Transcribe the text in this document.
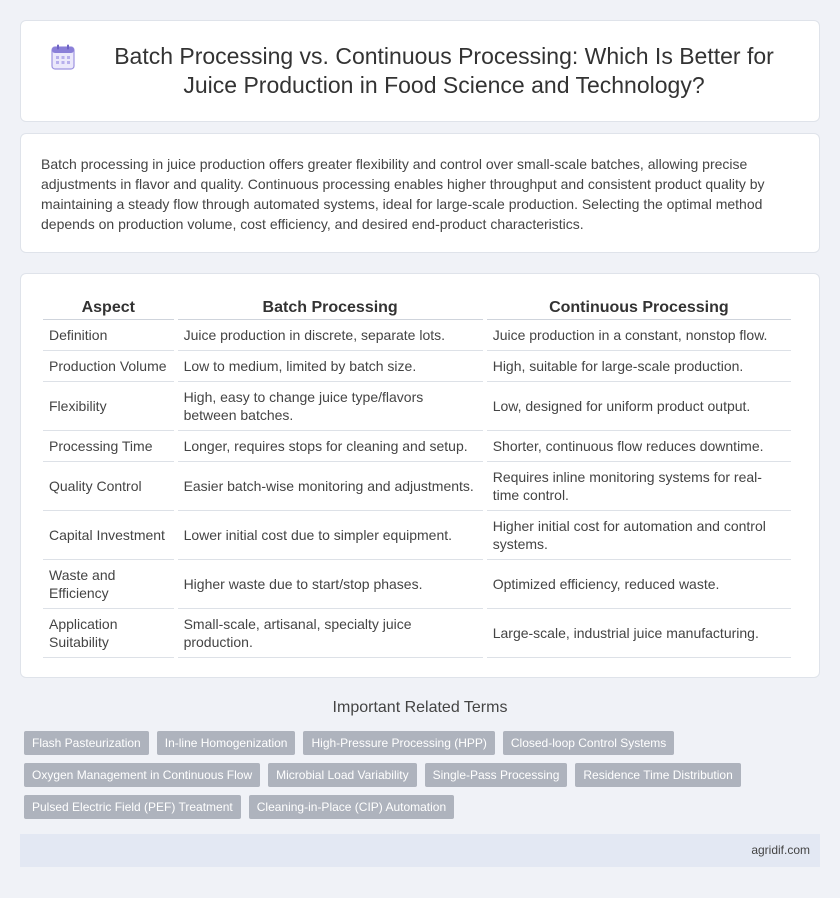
Batch Processing vs. Continuous Processing: Which Is Better for Juice Production in Food Science and Technology?

Batch processing in juice production offers greater flexibility and control over small-scale batches, allowing precise adjustments in flavor and quality. Continuous processing enables higher throughput and consistent product quality by maintaining a steady flow through automated systems, ideal for large-scale production. Selecting the optimal method depends on production volume, cost efficiency, and desired end-product characteristics.

Aspect	Batch Processing	Continuous Processing
Definition	Juice production in discrete, separate lots.	Juice production in a constant, nonstop flow.
Production Volume	Low to medium, limited by batch size.	High, suitable for large-scale production.
Flexibility	High, easy to change juice type/flavors between batches.	Low, designed for uniform product output.
Processing Time	Longer, requires stops for cleaning and setup.	Shorter, continuous flow reduces downtime.
Quality Control	Easier batch-wise monitoring and adjustments.	Requires inline monitoring systems for real-time control.
Capital Investment	Lower initial cost due to simpler equipment.	Higher initial cost for automation and control systems.
Waste and Efficiency	Higher waste due to start/stop phases.	Optimized efficiency, reduced waste.
Application Suitability	Small-scale, artisanal, specialty juice production.	Large-scale, industrial juice manufacturing.
Important Related Terms
Flash Pasteurization	In-line Homogenization	High-Pressure Processing (HPP)	Closed-loop Control Systems
Oxygen Management in Continuous Flow	Microbial Load Variability	Single-Pass Processing	Residence Time Distribution
Pulsed Electric Field (PEF) Treatment	Cleaning-in-Place (CIP) Automation
agridif.com
